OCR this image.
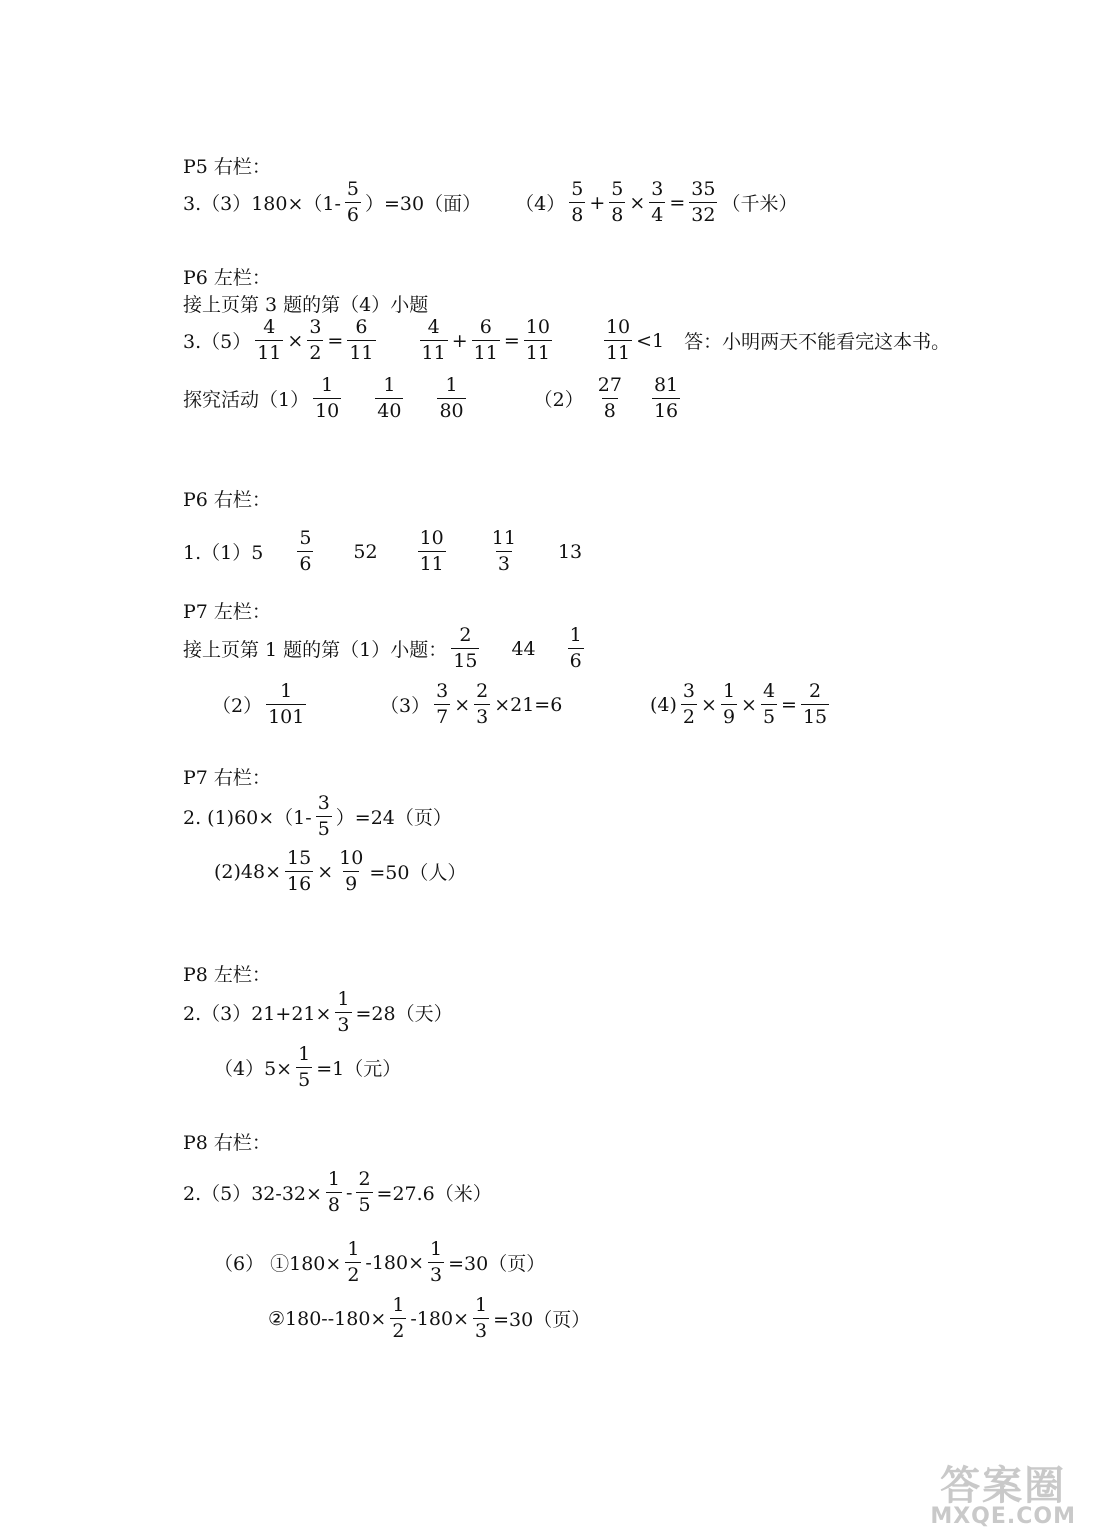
P5 右栏：
3.（3）180×（1-
5
6 ）=30（面） （4）
5
8
+ $\frac{5}{8} \times \frac{3}{4} = \frac{35}{32}$ （千米）
P6 左栏：
接上页第 3 题的第（4）小题
$3.(5) \frac{4}{11} \times \frac{3}{2} = \frac{6}{11}$	4
11
+ $\frac{6}{11} = \frac{10}{11}$	10
11
<1 答：小明两天不能看完这本书。
探究活动（1）
1
10
1
40
1
80	（2）
27
8
81
16
P6 右栏：
1.（1）5
5
6
52
10
11
11
3
13
P7 左栏：
接上页第 1 题的第（1）小题：
2
15
44
1
6
（2）
1
101	$(3) \frac{3}{7} \times \frac{2}{3} \times 21=6$	$(4) \frac{3}{2} \times \frac{1}{9} \times \frac{4}{5} = \frac{2}{15}$
P7 右栏：
2. (1)60×（1-
3
5 ）=24（页）
$(2)48\times \frac{15}{16} \times \frac{10}{9} =50$（人）
P8 左栏：
$2.(3)21+21\times \frac{1}{3} =28$（天）
$(4)5\times \frac{1}{5} =1$（元）
P8 右栏：
$2.(5)32-32\times \frac{1}{8} - \frac{2}{5} =27.6$（米）
（6） ①180× $\frac{1}{2} -180\times \frac{1}{3} =30$（页）
②180--180× $\frac{1}{2} -180\times \frac{1}{3} =30$（页）
答案圈
MXQE.COM
